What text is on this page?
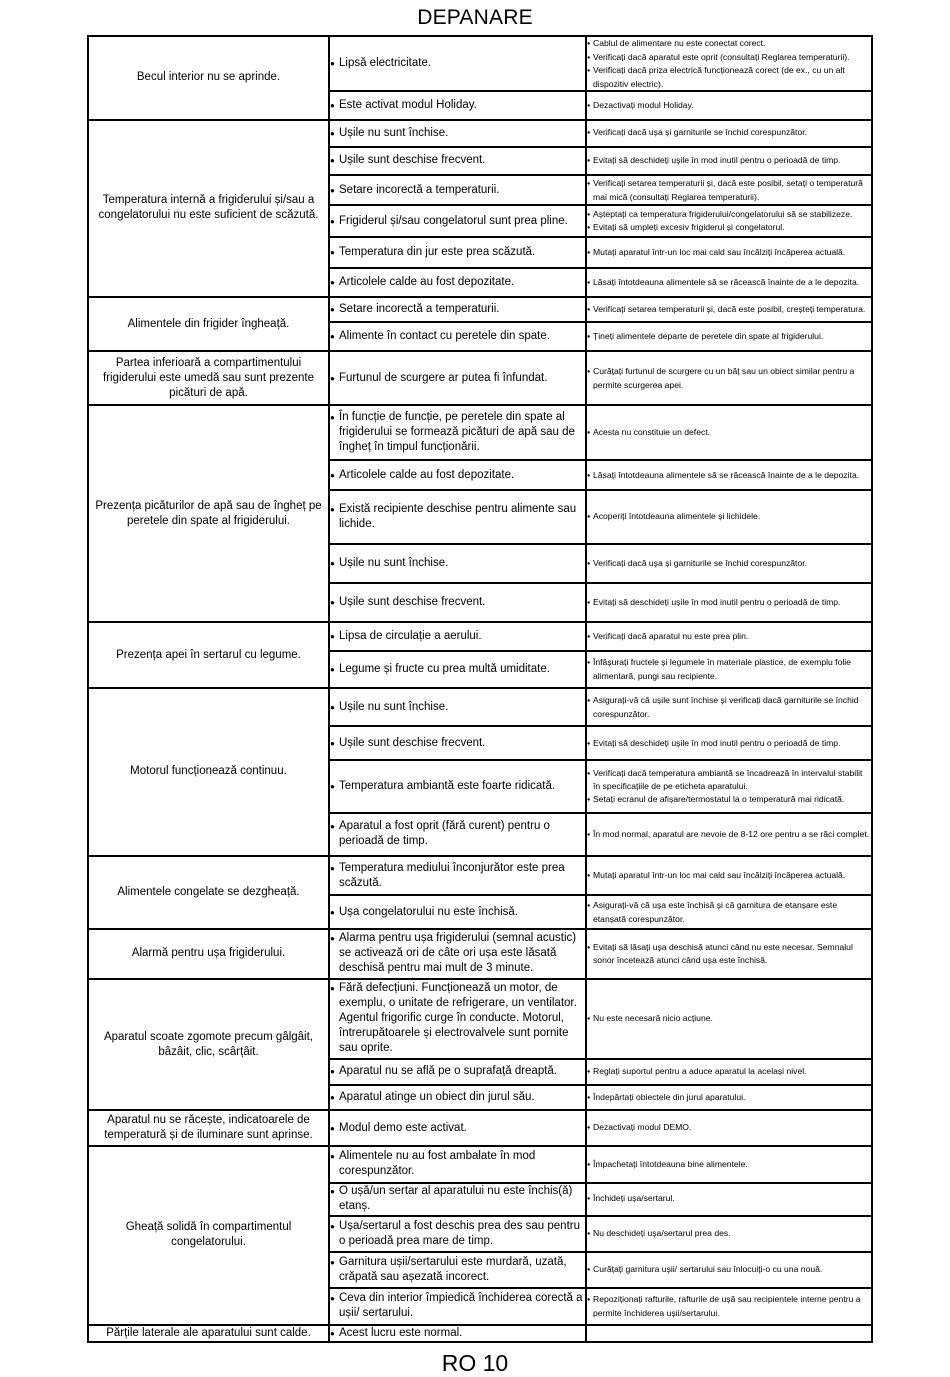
DEPANARE
Becul interior nu se aprinde.	● Lipsă electricitate.	● Cablul de alimentare nu este conectat corect.
● Verificați dacă aparatul este oprit (consultați Reglarea temperaturii).
● Verificați dacă priza electrică funcționează corect (de ex., cu un alt dispozitiv electric).

	● Este activat modul Holiday.	● Dezactivați modul Holiday.

Temperatura internă a frigiderului și/sau a congelatorului nu este suficient de scăzută.	● Ușile nu sunt închise.	● Verificați dacă ușa și garniturile se închid corespunzător.

	● Ușile sunt deschise frecvent.	● Evitați să deschideți ușile în mod inutil pentru o perioadă de timp.

	● Setare incorectă a temperaturii.	● Verificați setarea temperaturii și, dacă este posibil, setați o temperatură mai mică (consultați Reglarea temperaturii).

	● Frigiderul și/sau congelatorul sunt prea pline.	● Așteptați ca temperatura frigiderului/congelatorului să se stabilizeze.
● Evitați să umpleți excesiv frigiderul și congelatorul.

	● Temperatura din jur este prea scăzută.	● Mutați aparatul într-un loc mai cald sau încălziți încăperea actuală.

	● Articolele calde au fost depozitate.	● Lăsați întotdeauna alimentele să se răcească înainte de a le depozita.

Alimentele din frigider îngheață.	● Setare incorectă a temperaturii.	● Verificați setarea temperaturii și, dacă este posibil, creșteți temperatura.

	● Alimente în contact cu peretele din spate.	● Țineți alimentele departe de peretele din spate al frigiderului.

Partea inferioară a compartimentului frigiderului este umedă sau sunt prezente picături de apă.	● Furtunul de scurgere ar putea fi înfundat.	● Curățați furtunul de scurgere cu un băț sau un obiect similar pentru a permite scurgerea apei.

Prezența picăturilor de apă sau de îngheț pe peretele din spate al frigiderului.	● În funcție de funcție, pe peretele din spate al frigiderului se formează picături de apă sau de îngheț în timpul funcționării.	● Acesta nu constituie un defect.

	● Articolele calde au fost depozitate.	● Lăsați întotdeauna alimentele să se răcească înainte de a le depozita.

	● Există recipiente deschise pentru alimente sau lichide.	● Acoperiți întotdeauna alimentele și lichidele.

	● Ușile nu sunt închise.	● Verificați dacă ușa și garniturile se închid corespunzător.

	● Ușile sunt deschise frecvent.	● Evitați să deschideți ușile în mod inutil pentru o perioadă de timp.

Prezența apei în sertarul cu legume.	● Lipsa de circulație a aerului.	● Verificați dacă aparatul nu este prea plin.

	● Legume și fructe cu prea multă umiditate.	● Înfășurați fructele și legumele în materiale plastice, de exemplu folie alimentară, pungi sau recipiente.

Motorul funcționează continuu.	● Ușile nu sunt închise.	● Asigurați-vă că ușile sunt închise și verificați dacă garniturile se închid corespunzător.

	● Ușile sunt deschise frecvent.	● Evitați să deschideți ușile în mod inutil pentru o perioadă de timp.

	● Temperatura ambiantă este foarte ridicată.	● Verificați dacă temperatura ambiantă se încadrează în intervalul stabilit în specificațiile de pe eticheta aparatului.
● Setați ecranul de afișare/termostatul la o temperatură mai ridicată.

	● Aparatul a fost oprit (fără curent) pentru o perioadă de timp.	● În mod normal, aparatul are nevoie de 8-12 ore pentru a se răci complet.

Alimentele congelate se dezgheață.	● Temperatura mediului înconjurător este prea scăzută.	● Mutați aparatul într-un loc mai cald sau încălziți încăperea actuală.

	● Ușa congelatorului nu este închisă.	● Asigurați-vă că ușa este închisă și că garnitura de etanșare este etanșată corespunzător.

Alarmă pentru ușa frigiderului.	● Alarma pentru ușa frigiderului (semnal acustic) se activează ori de câte ori ușa este lăsată deschisă pentru mai mult de 3 minute.	● Evitați să lăsați ușa deschisă atunci când nu este necesar. Semnalul sonor încetează atunci când ușa este închisă.

Aparatul scoate zgomote precum gâlgâit, bâzâit, clic, scârțâit.	● Fără defecțiuni. Funcționează un motor, de exemplu, o unitate de refrigerare, un ventilator. Agentul frigorific curge în conducte. Motorul, întrerupătoarele și electrovalvele sunt pornite sau oprite.	● Nu este necesară nicio acțiune.

	● Aparatul nu se află pe o suprafață dreaptă.	● Reglați suportul pentru a aduce aparatul la același nivel.

	● Aparatul atinge un obiect din jurul său.	● Îndepărtați obiectele din jurul aparatului.

Aparatul nu se răcește, indicatoarele de temperatură și de iluminare sunt aprinse.	● Modul demo este activat.	● Dezactivați modul DEMO.

Gheață solidă în compartimentul congelatorului.	● Alimentele nu au fost ambalate în mod corespunzător.	● Împachetați întotdeauna bine alimentele.

	● O ușă/un sertar al aparatului nu este închis(ă) etanș.	● Închideți ușa/sertarul.

	● Ușa/sertarul a fost deschis prea des sau pentru o perioadă prea mare de timp.	● Nu deschideți ușa/sertarul prea des.

	● Garnitura ușii/sertarului este murdară, uzată, crăpată sau așezată incorect.	● Curățați garnitura ușii/ sertarului sau înlocuiți-o cu una nouă.

	● Ceva din interior împiedică închiderea corectă a ușii/ sertarului.	● Repoziționați rafturile, rafturile de ușă sau recipientele interne pentru a permite închiderea ușii/sertarului.

Părțile laterale ale aparatului sunt calde.	● Acest lucru este normal.

RO 10
